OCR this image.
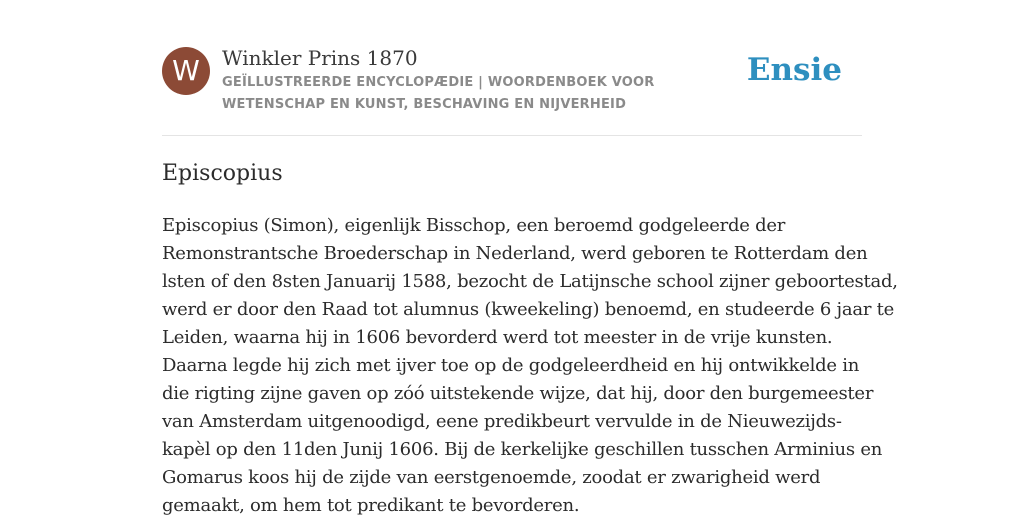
W	Winkler Prins 1870
GEÏLLUSTREERDE ENCYCLOPÆDIE | WOORDENBOEK VOOR WETENSCHAP EN KUNST, BESCHAVING EN NIJVERHEID
Ensie
Episcopius

Episcopius (Simon), eigenlijk Bisschop, een beroemd godgeleerde der
Remonstrantsche Broederschap in Nederland, werd geboren te Rotterdam den
lsten of den 8sten Januarij 1588, bezocht de Latijnsche school zijner geboortestad,
werd er door den Raad tot alumnus (kweekeling) benoemd, en studeerde 6 jaar te
Leiden, waarna hij in 1606 bevorderd werd tot meester in de vrije kunsten.
Daarna legde hij zich met ijver toe op de godgeleerdheid en hij ontwikkelde in
die rigting zijne gaven op zóó uitstekende wijze, dat hij, door den burgemeester
van Amsterdam uitgenoodigd, eene predikbeurt vervulde in de Nieuwezijds-
kapèl op den 11den Junij 1606. Bij de kerkelijke geschillen tusschen Arminius en
Gomarus koos hij de zijde van eerstgenoemde, zoodat er zwarigheid werd
gemaakt, om hem tot predikant te bevorderen.
